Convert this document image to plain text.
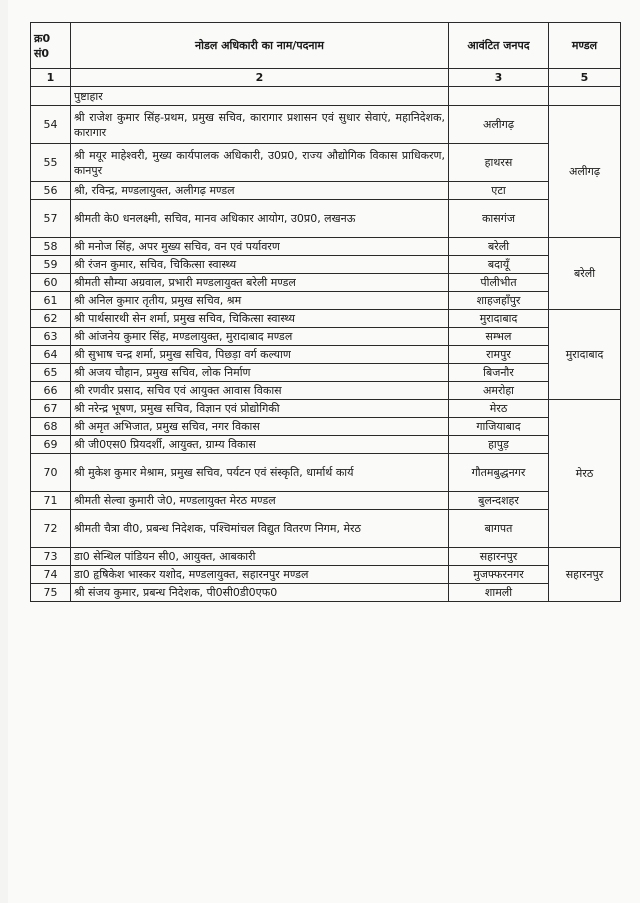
क्र0 सं0	नोडल अधिकारी का नाम/पदनाम	आवंटित जनपद	मण्डल
1	2	3	5
	पुष्टाहार		
54	श्री राजेश कुमार सिंह-प्रथम, प्रमुख सचिव, कारागार प्रशासन एवं सुधार सेवाएं, महानिदेशक, कारागार	अलीगढ़	अलीगढ़
55	श्री मयूर माहेश्वरी, मुख्य कार्यपालक अधिकारी, उ0प्र0, राज्य औद्योगिक विकास प्राधिकरण, कानपुर	हाथरस	
56	श्री, रविन्द्र, मण्डलायुक्त, अलीगढ़ मण्डल	एटा	
57	श्रीमती के0 धनलक्ष्मी, सचिव, मानव अधिकार आयोग, उ0प्र0, लखनऊ	कासगंज	
58	श्री मनोज सिंह, अपर मुख्य सचिव, वन एवं पर्यावरण	बरेली	बरेली
59	श्री रंजन कुमार, सचिव, चिकित्सा स्वास्थ्य	बदायूँ	
60	श्रीमती सौम्या अग्रवाल, प्रभारी मण्डलायुक्त बरेली मण्डल	पीलीभीत	
61	श्री अनिल कुमार तृतीय, प्रमुख सचिव, श्रम	शाहजहाँपुर	
62	श्री पार्थसारथी सेन शर्मा, प्रमुख सचिव, चिकित्सा स्वास्थ्य	मुरादाबाद	मुरादाबाद
63	श्री आंजनेय कुमार सिंह, मण्डलायुक्त, मुरादाबाद मण्डल	सम्भल	
64	श्री सुभाष चन्द्र शर्मा, प्रमुख सचिव, पिछड़ा वर्ग कल्याण	रामपुर	
65	श्री अजय चौहान, प्रमुख सचिव, लोक निर्माण	बिजनौर	
66	श्री रणवीर प्रसाद, सचिव एवं आयुक्त आवास विकास	अमरोहा	
67	श्री नरेन्द्र भूषण, प्रमुख सचिव, विज्ञान एवं प्रोद्योगिकी	मेरठ	मेरठ
68	श्री अमृत अभिजात, प्रमुख सचिव, नगर विकास	गाजियाबाद	
69	श्री जी0एस0 प्रियदर्शी, आयुक्त, ग्राम्य विकास	हापुड़	
70	श्री मुकेश कुमार मेश्राम, प्रमुख सचिव, पर्यटन एवं संस्कृति, धार्मार्थ कार्य	गौतमबुद्धनगर	
71	श्रीमती सेल्वा कुमारी जे0, मण्डलायुक्त मेरठ मण्डल	बुलन्दशहर	
72	श्रीमती चैत्रा वी0, प्रबन्ध निदेशक, पश्चिमांचल विद्युत वितरण निगम, मेरठ	बागपत	
73	डा0 सेन्थिल पांडियन सी0, आयुक्त, आबकारी	सहारनपुर	सहारनपुर
74	डा0 हृषिकेश भास्कर यशोद, मण्डलायुक्त, सहारनपुर मण्डल	मुजफ्फरनगर	
75	श्री संजय कुमार, प्रबन्ध निदेशक, पी0सी0डी0एफ0	शामली	
